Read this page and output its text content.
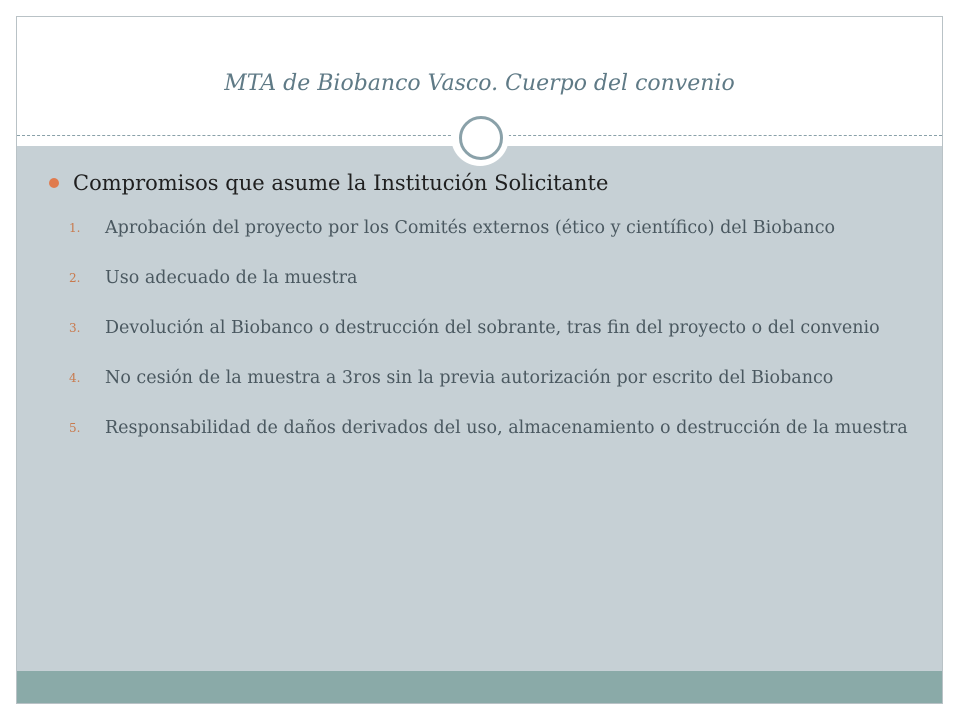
MTA de Biobanco Vasco. Cuerpo del convenio
Compromisos que asume la Institución Solicitante
1. Aprobación del proyecto por los Comités externos (ético y científico) del Biobanco
2. Uso adecuado de la muestra
3. Devolución al Biobanco o destrucción del sobrante, tras fin del proyecto o del convenio
4. No cesión de la muestra a 3ros sin la previa autorización por escrito del Biobanco
5. Responsabilidad de daños derivados del uso, almacenamiento o destrucción de la muestra
